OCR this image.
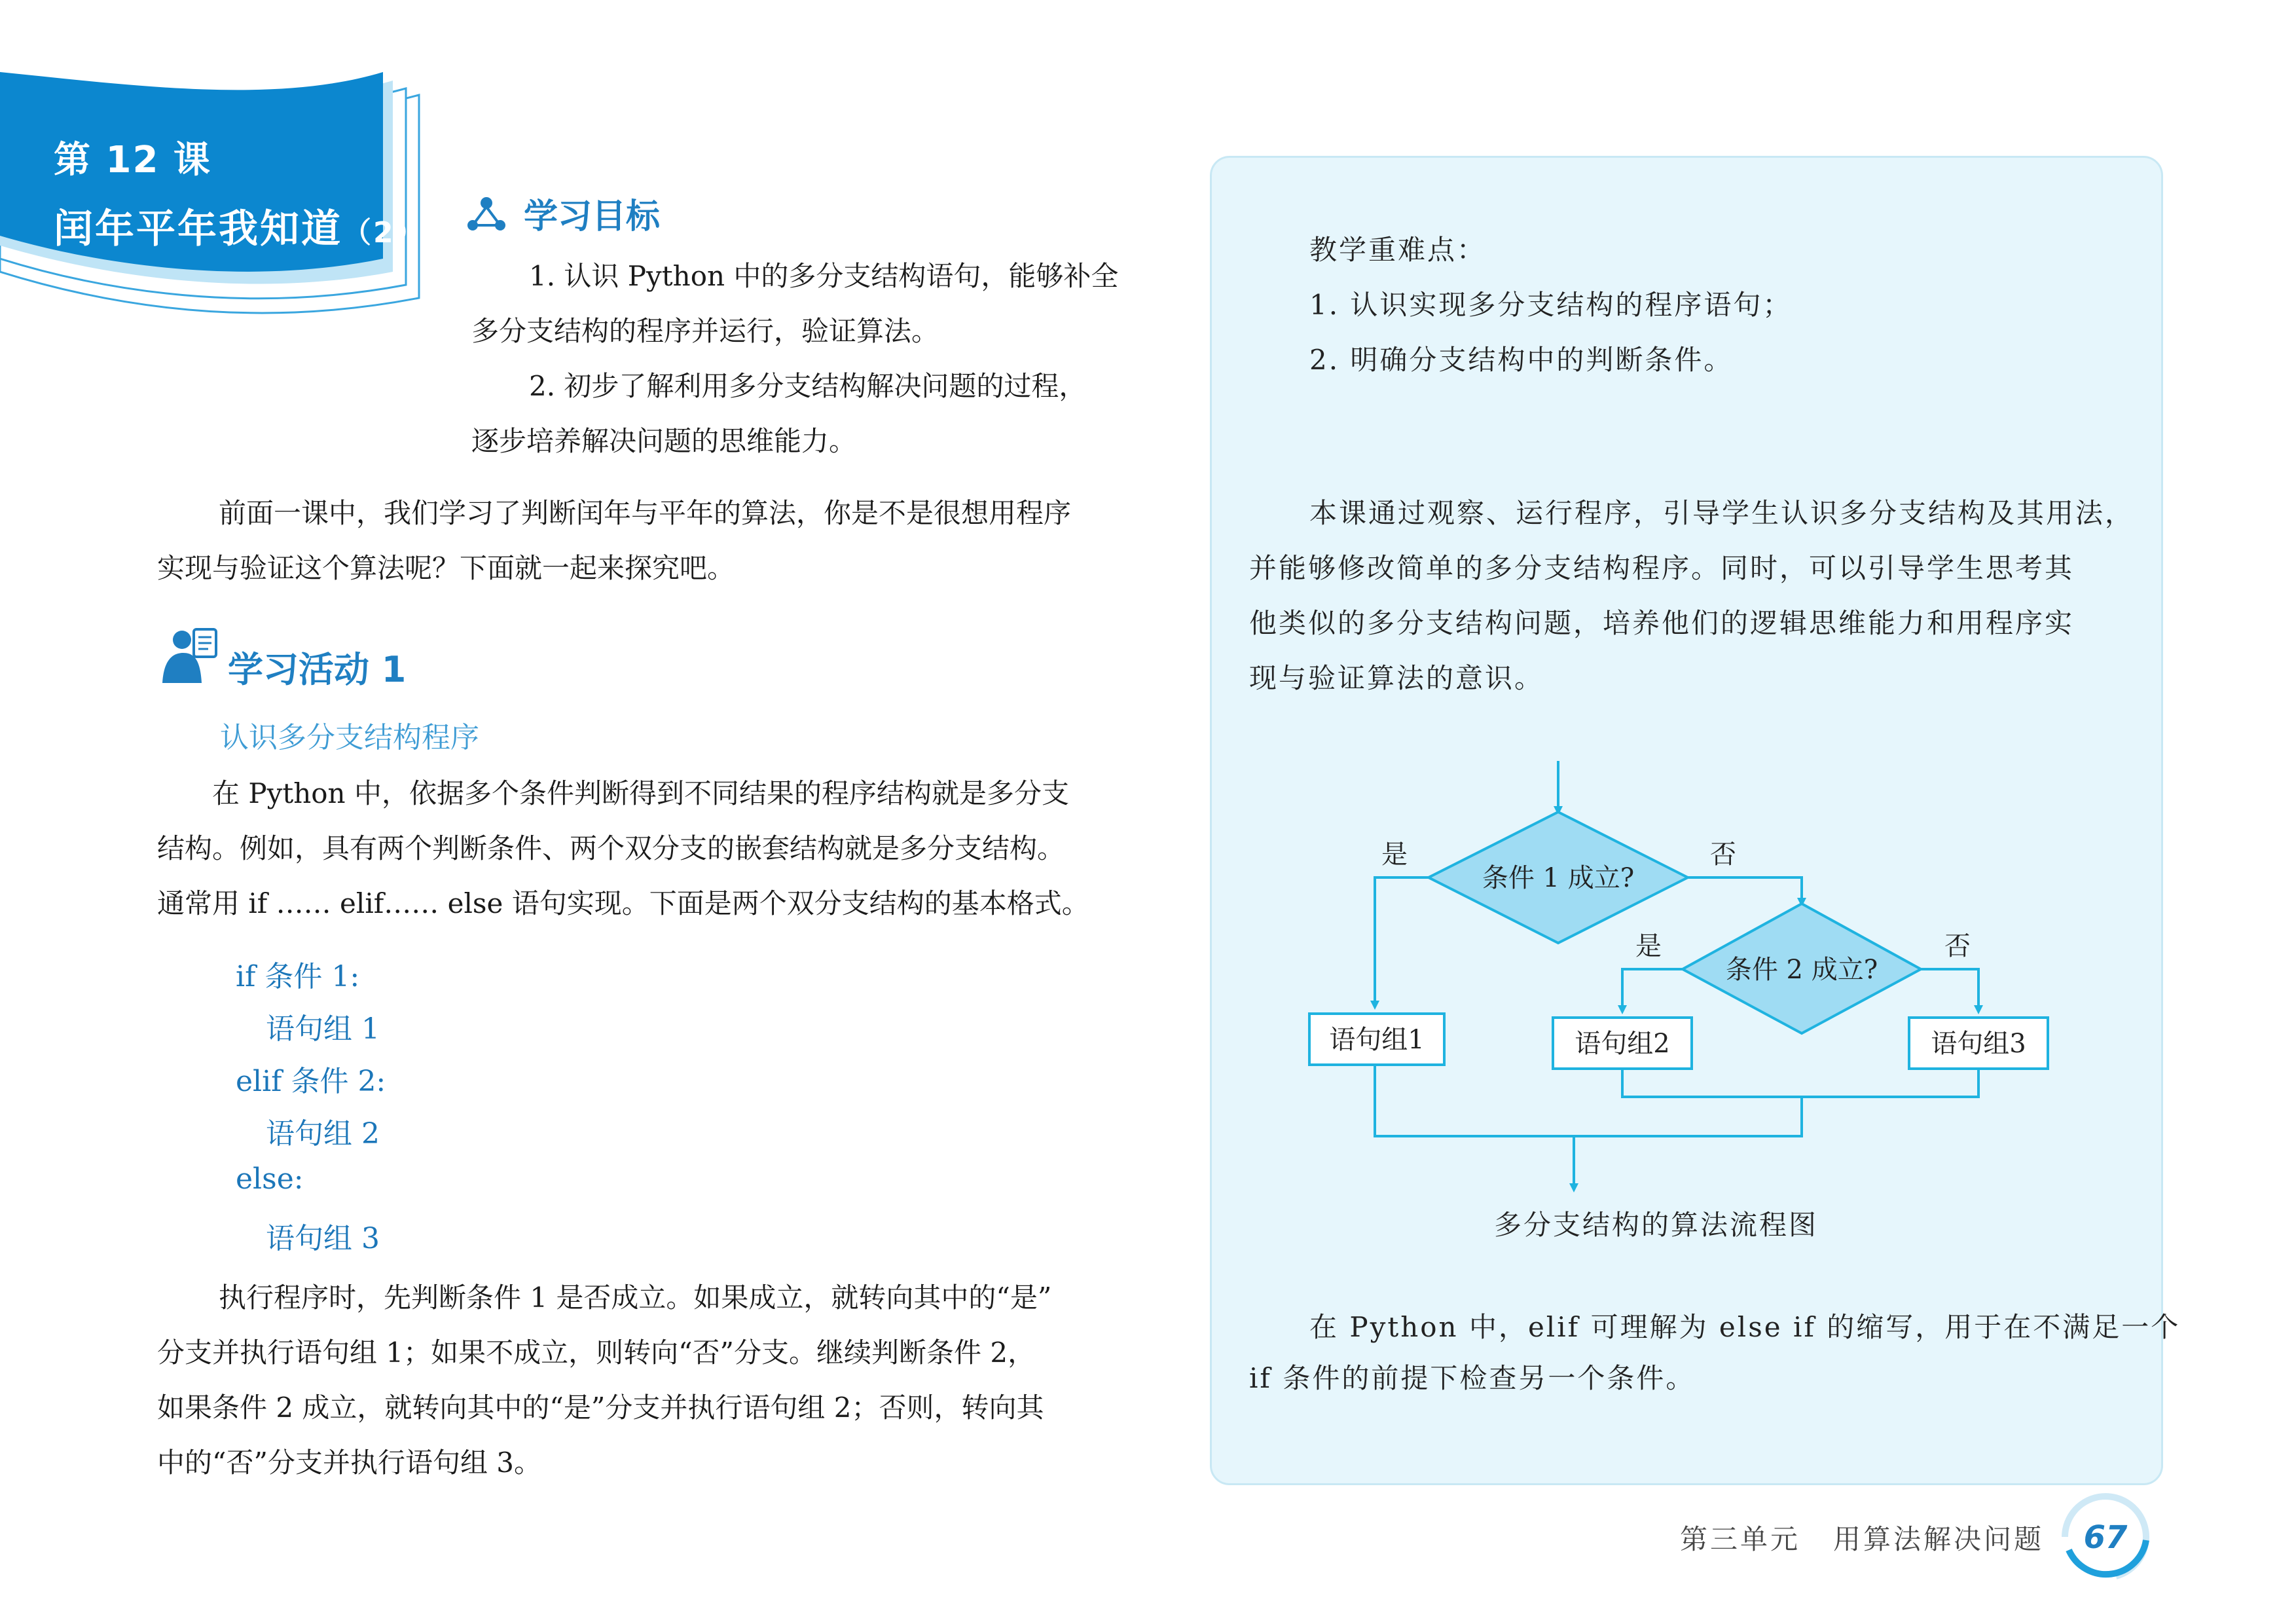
第 12 课
闰年平年我知道（2）	学习目标
1. 认识 Python 中的多分支结构语句，能够补全
多分支结构的程序并运行，验证算法。
2. 初步了解利用多分支结构解决问题的过程，
逐步培养解决问题的思维能力。
前面一课中，我们学习了判断闰年与平年的算法，你是不是很想用程序
实现与验证这个算法呢？下面就一起来探究吧。
学习活动 1
认识多分支结构程序
在 Python 中，依据多个条件判断得到不同结果的程序结构就是多分支
结构。例如，具有两个判断条件、两个双分支的嵌套结构就是多分支结构。
通常用 if …… elif…… else 语句实现。下面是两个双分支结构的基本格式。
if 条件 1:
语句组 1
elif 条件 2:
语句组 2
else:
语句组 3
执行程序时，先判断条件 1 是否成立。如果成立，就转向其中的“是”
分支并执行语句组 1；如果不成立，则转向“否”分支。继续判断条件 2，
如果条件 2 成立，就转向其中的“是”分支并执行语句组 2；否则，转向其
中的“否”分支并执行语句组 3。
教学重难点：
1. 认识实现多分支结构的程序语句；
2. 明确分支结构中的判断条件。
本课通过观察、运行程序，引导学生认识多分支结构及其用法，
并能够修改简单的多分支结构程序。同时，可以引导学生思考其
他类似的多分支结构问题，培养他们的逻辑思维能力和用程序实
现与验证算法的意识。
条件 1 成立?
条件 2 成立?
是	否
是	否
语句组1	语句组2	语句组3
多分支结构的算法流程图
在 Python 中，elif 可理解为 else if 的缩写，用于在不满足一个
if 条件的前提下检查另一个条件。
第三单元 用算法解决问题 67
